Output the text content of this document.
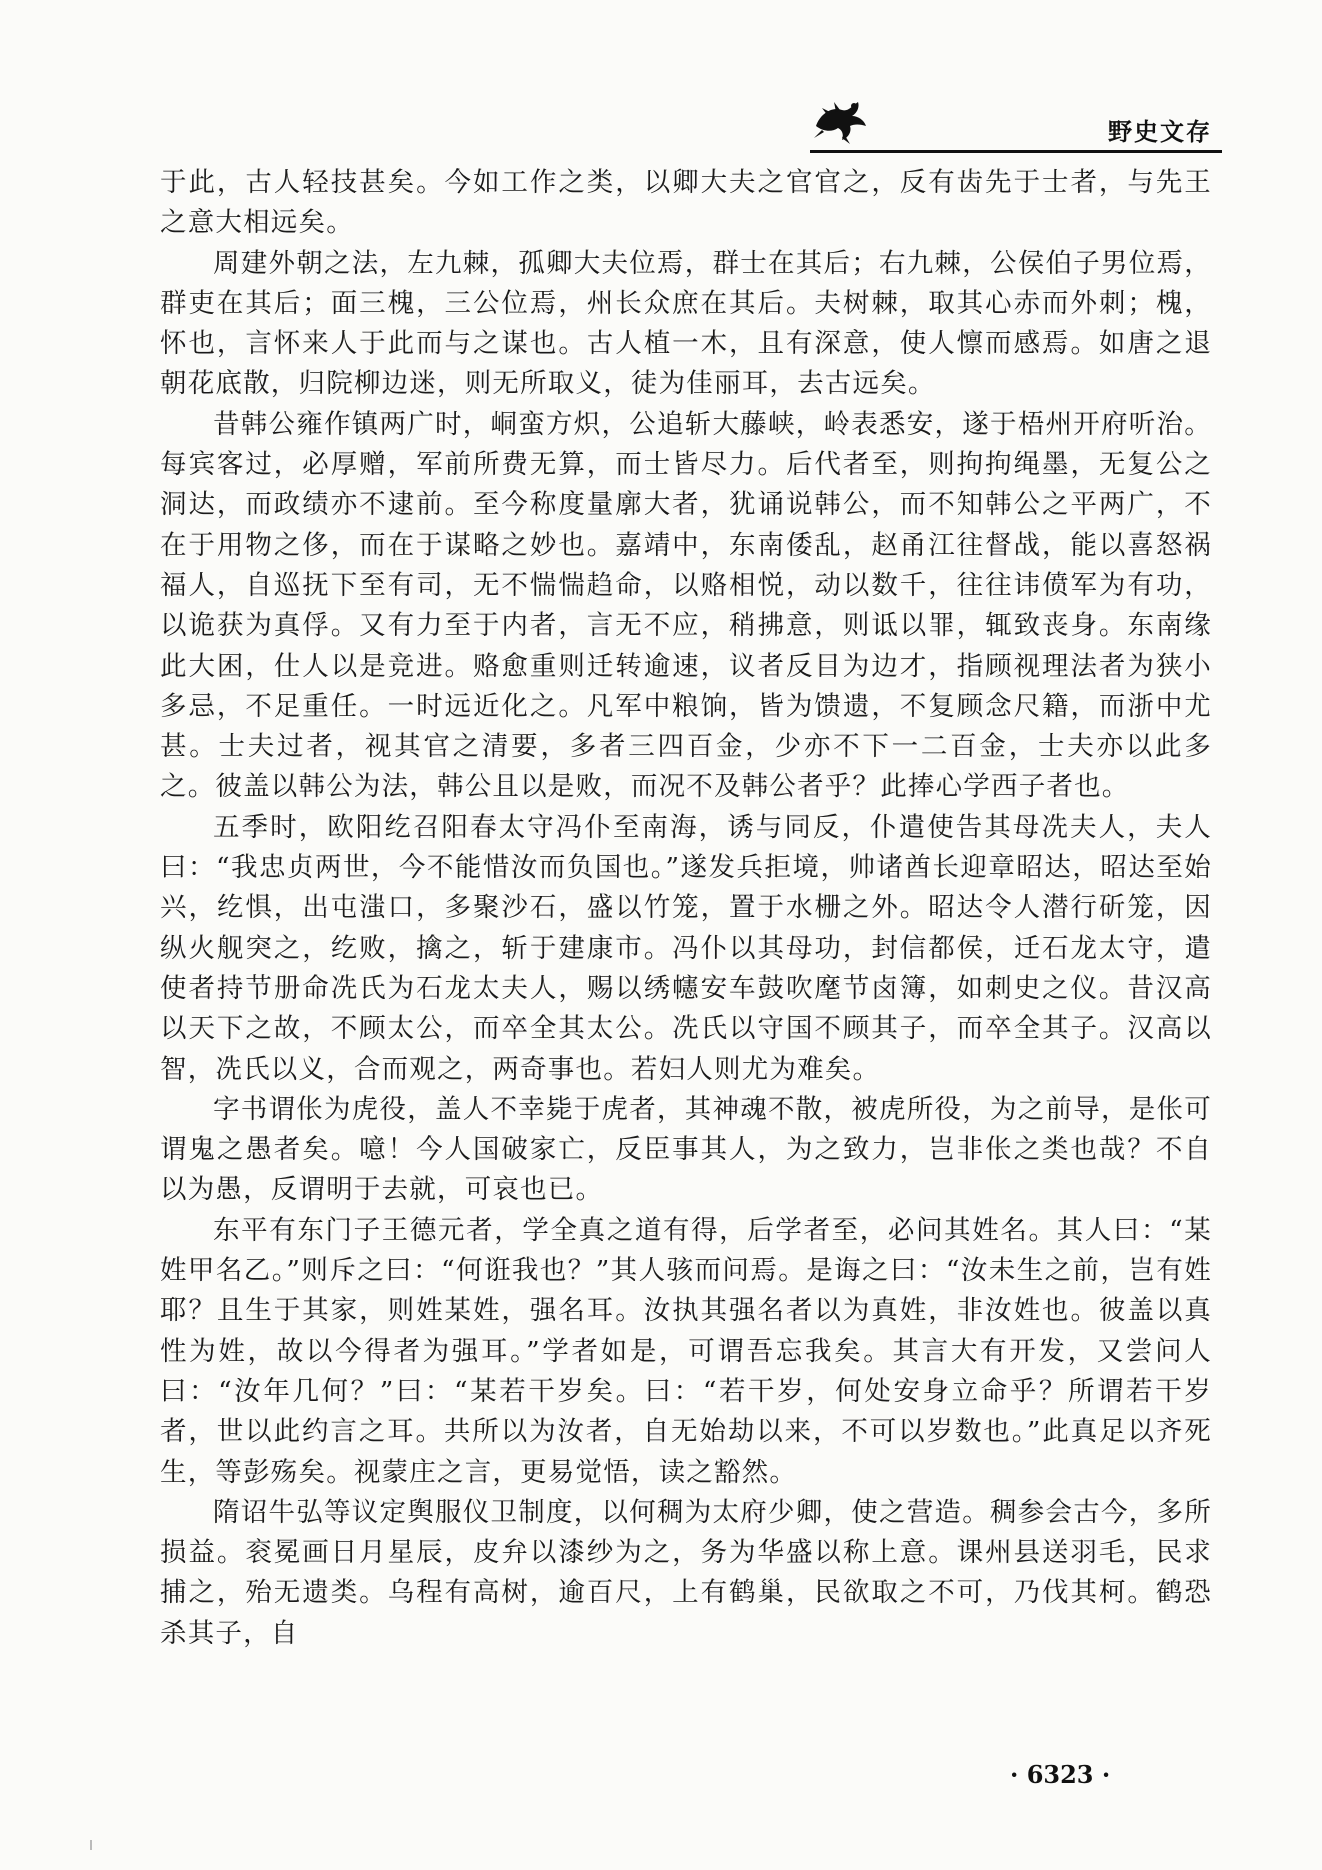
野史文存

于此，古人轻技甚矣。今如工作之类，以卿大夫之官官之，反有齿先于士者，与先王之意大相远矣。

周建外朝之法，左九棘，孤卿大夫位焉，群士在其后；右九棘，公侯伯子男位焉，群吏在其后；面三槐，三公位焉，州长众庶在其后。夫树棘，取其心赤而外刺；槐，怀也，言怀来人于此而与之谋也。古人植一木，且有深意，使人懔而感焉。如唐之退朝花底散，归院柳边迷，则无所取义，徒为佳丽耳，去古远矣。

昔韩公雍作镇两广时，峒蛮方炽，公追斩大藤峡，岭表悉安，遂于梧州开府听治。每宾客过，必厚赠，军前所费无算，而士皆尽力。后代者至，则拘拘绳墨，无复公之洞达，而政绩亦不逮前。至今称度量廓大者，犹诵说韩公，而不知韩公之平两广，不在于用物之侈，而在于谋略之妙也。嘉靖中，东南倭乱，赵甬江往督战，能以喜怒祸福人，自巡抚下至有司，无不惴惴趋命，以赂相悦，动以数千，往往讳偾军为有功，以诡获为真俘。又有力至于内者，言无不应，稍拂意，则诋以罪，辄致丧身。东南缘此大困，仕人以是竞进。赂愈重则迁转逾速，议者反目为边才，指顾视理法者为狭小多忌，不足重任。一时远近化之。凡军中粮饷，皆为馈遗，不复顾念尺籍，而浙中尤甚。士夫过者，视其官之清要，多者三四百金，少亦不下一二百金，士夫亦以此多之。彼盖以韩公为法，韩公且以是败，而况不及韩公者乎？此捧心学西子者也。

五季时，欧阳纥召阳春太守冯仆至南海，诱与同反，仆遣使告其母冼夫人，夫人曰：“我忠贞两世，今不能惜汝而负国也。”遂发兵拒境，帅诸酋长迎章昭达，昭达至始兴，纥惧，出屯滍口，多聚沙石，盛以竹笼，置于水栅之外。昭达令人潜行斫笼，因纵火舰突之，纥败，擒之，斩于建康市。冯仆以其母功，封信都侯，迁石龙太守，遣使者持节册命冼氏为石龙太夫人，赐以绣幰安车鼓吹麾节卤簿，如刺史之仪。昔汉高以天下之故，不顾太公，而卒全其太公。冼氏以守国不顾其子，而卒全其子。汉高以智，冼氏以义，合而观之，两奇事也。若妇人则尤为难矣。

字书谓伥为虎役，盖人不幸毙于虎者，其神魂不散，被虎所役，为之前导，是伥可谓鬼之愚者矣。噫！今人国破家亡，反臣事其人，为之致力，岂非伥之类也哉？不自以为愚，反谓明于去就，可哀也已。

东平有东门子王德元者，学全真之道有得，后学者至，必问其姓名。其人曰：“某姓甲名乙。”则斥之曰：“何诳我也？”其人骇而问焉。是诲之曰：“汝未生之前，岂有姓耶？且生于其家，则姓某姓，强名耳。汝执其强名者以为真姓，非汝姓也。彼盖以真性为姓，故以今得者为强耳。”学者如是，可谓吾忘我矣。其言大有开发，又尝问人曰：“汝年几何？”曰：“某若干岁矣。曰：“若干岁，何处安身立命乎？所谓若干岁者，世以此约言之耳。共所以为汝者，自无始劫以来，不可以岁数也。”此真足以齐死生，等彭殇矣。视蒙庄之言，更易觉悟，读之豁然。

隋诏牛弘等议定舆服仪卫制度，以何稠为太府少卿，使之营造。稠参会古今，多所损益。衮冕画日月星辰，皮弁以漆纱为之，务为华盛以称上意。课州县送羽毛，民求捕之，殆无遗类。乌程有高树，逾百尺，上有鹤巢，民欲取之不可，乃伐其柯。鹤恐杀其子，自

· 6323 ·
